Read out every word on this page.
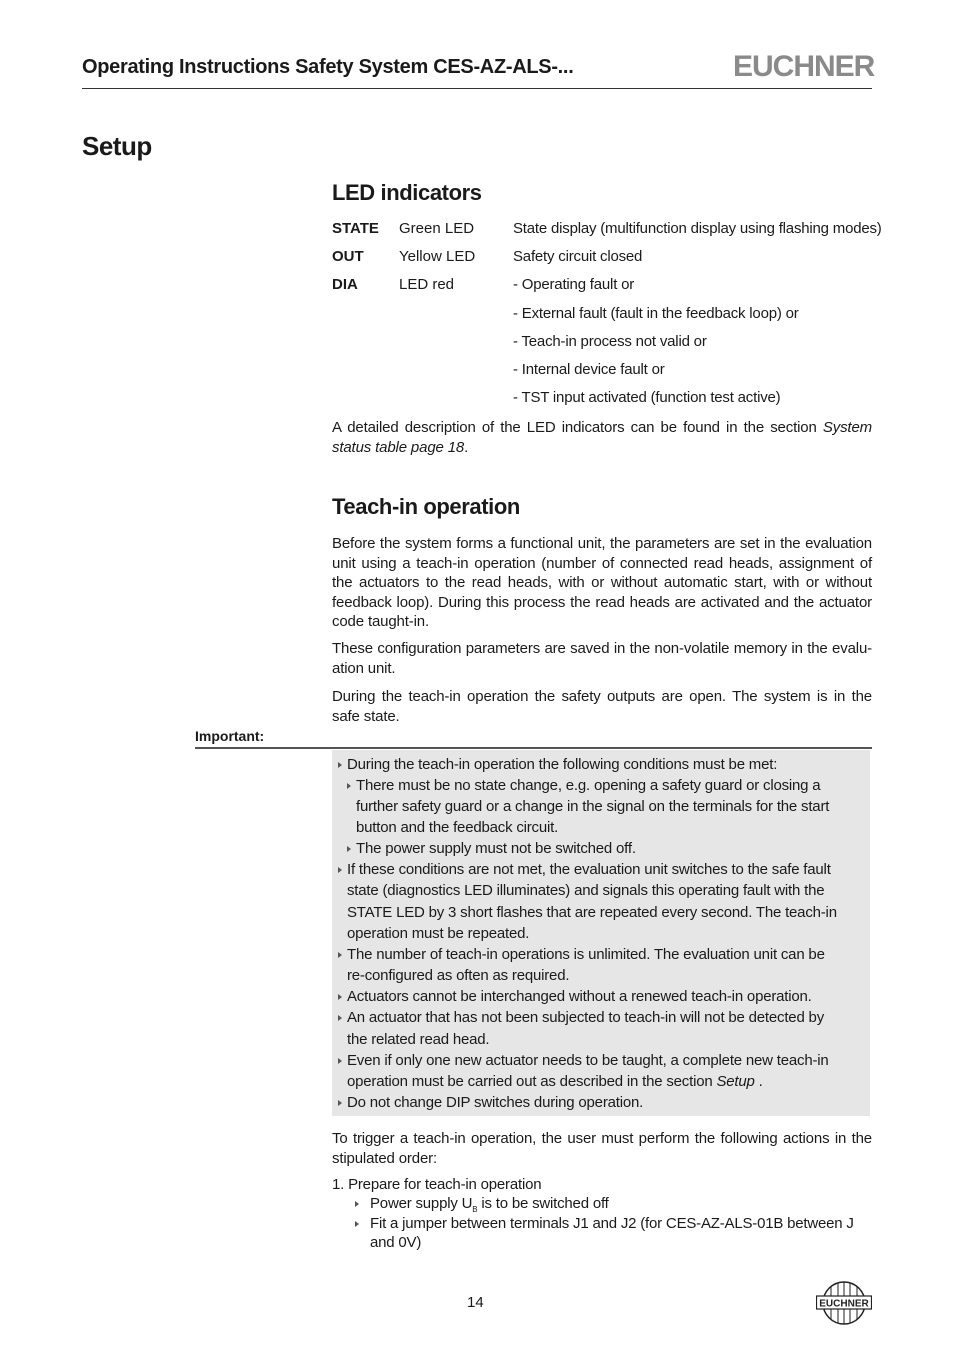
Operating Instructions Safety System CES-AZ-ALS-...	EUCHNER
Setup
LED indicators
STATE Green LED	State display (multifunction display using flashing modes)
OUT Yellow LED	Safety circuit closed
DIA	LED red	- Operating fault or
- External fault (fault in the feedback loop) or
- Teach-in process not valid or
- Internal device fault or
- TST input activated (function test active)
A detailed description of the LED indicators can be found in the section System status table page 18.
Teach-in operation
Before the system forms a functional unit, the parameters are set in the evaluation unit using a teach-in operation (number of connected read heads, assignment of the actuators to the read heads, with or without automatic start, with or without feedback loop). During this process the read heads are activated and the actuator code taught-in.
These configuration parameters are saved in the non-volatile memory in the evalu-ation unit.
During the teach-in operation the safety outputs are open. The system is in the safe state.
Important:
During the teach-in operation the following conditions must be met:
There must be no state change, e.g. opening a safety guard or closing a
further safety guard or a change in the signal on the terminals for the start
button and the feedback circuit.
The power supply must not be switched off.
If these conditions are not met, the evaluation unit switches to the safe fault
state (diagnostics LED illuminates) and signals this operating fault with the
STATE LED by 3 short flashes that are repeated every second. The teach-in
operation must be repeated.
The number of teach-in operations is unlimited. The evaluation unit can be
re-configured as often as required.
Actuators cannot be interchanged without a renewed teach-in operation.
An actuator that has not been subjected to teach-in will not be detected by
the related read head.
Even if only one new actuator needs to be taught, a complete new teach-in
operation must be carried out as described in the section Setup .
Do not change DIP switches during operation.
To trigger a teach-in operation, the user must perform the following actions in the stipulated order:
1. Prepare for teach-in operation
Power supply $U_B$ is to be switched off
Fit a jumper between terminals J1 and J2 (for CES-AZ-ALS-01B between J
and 0V)
14	EUCHNER
